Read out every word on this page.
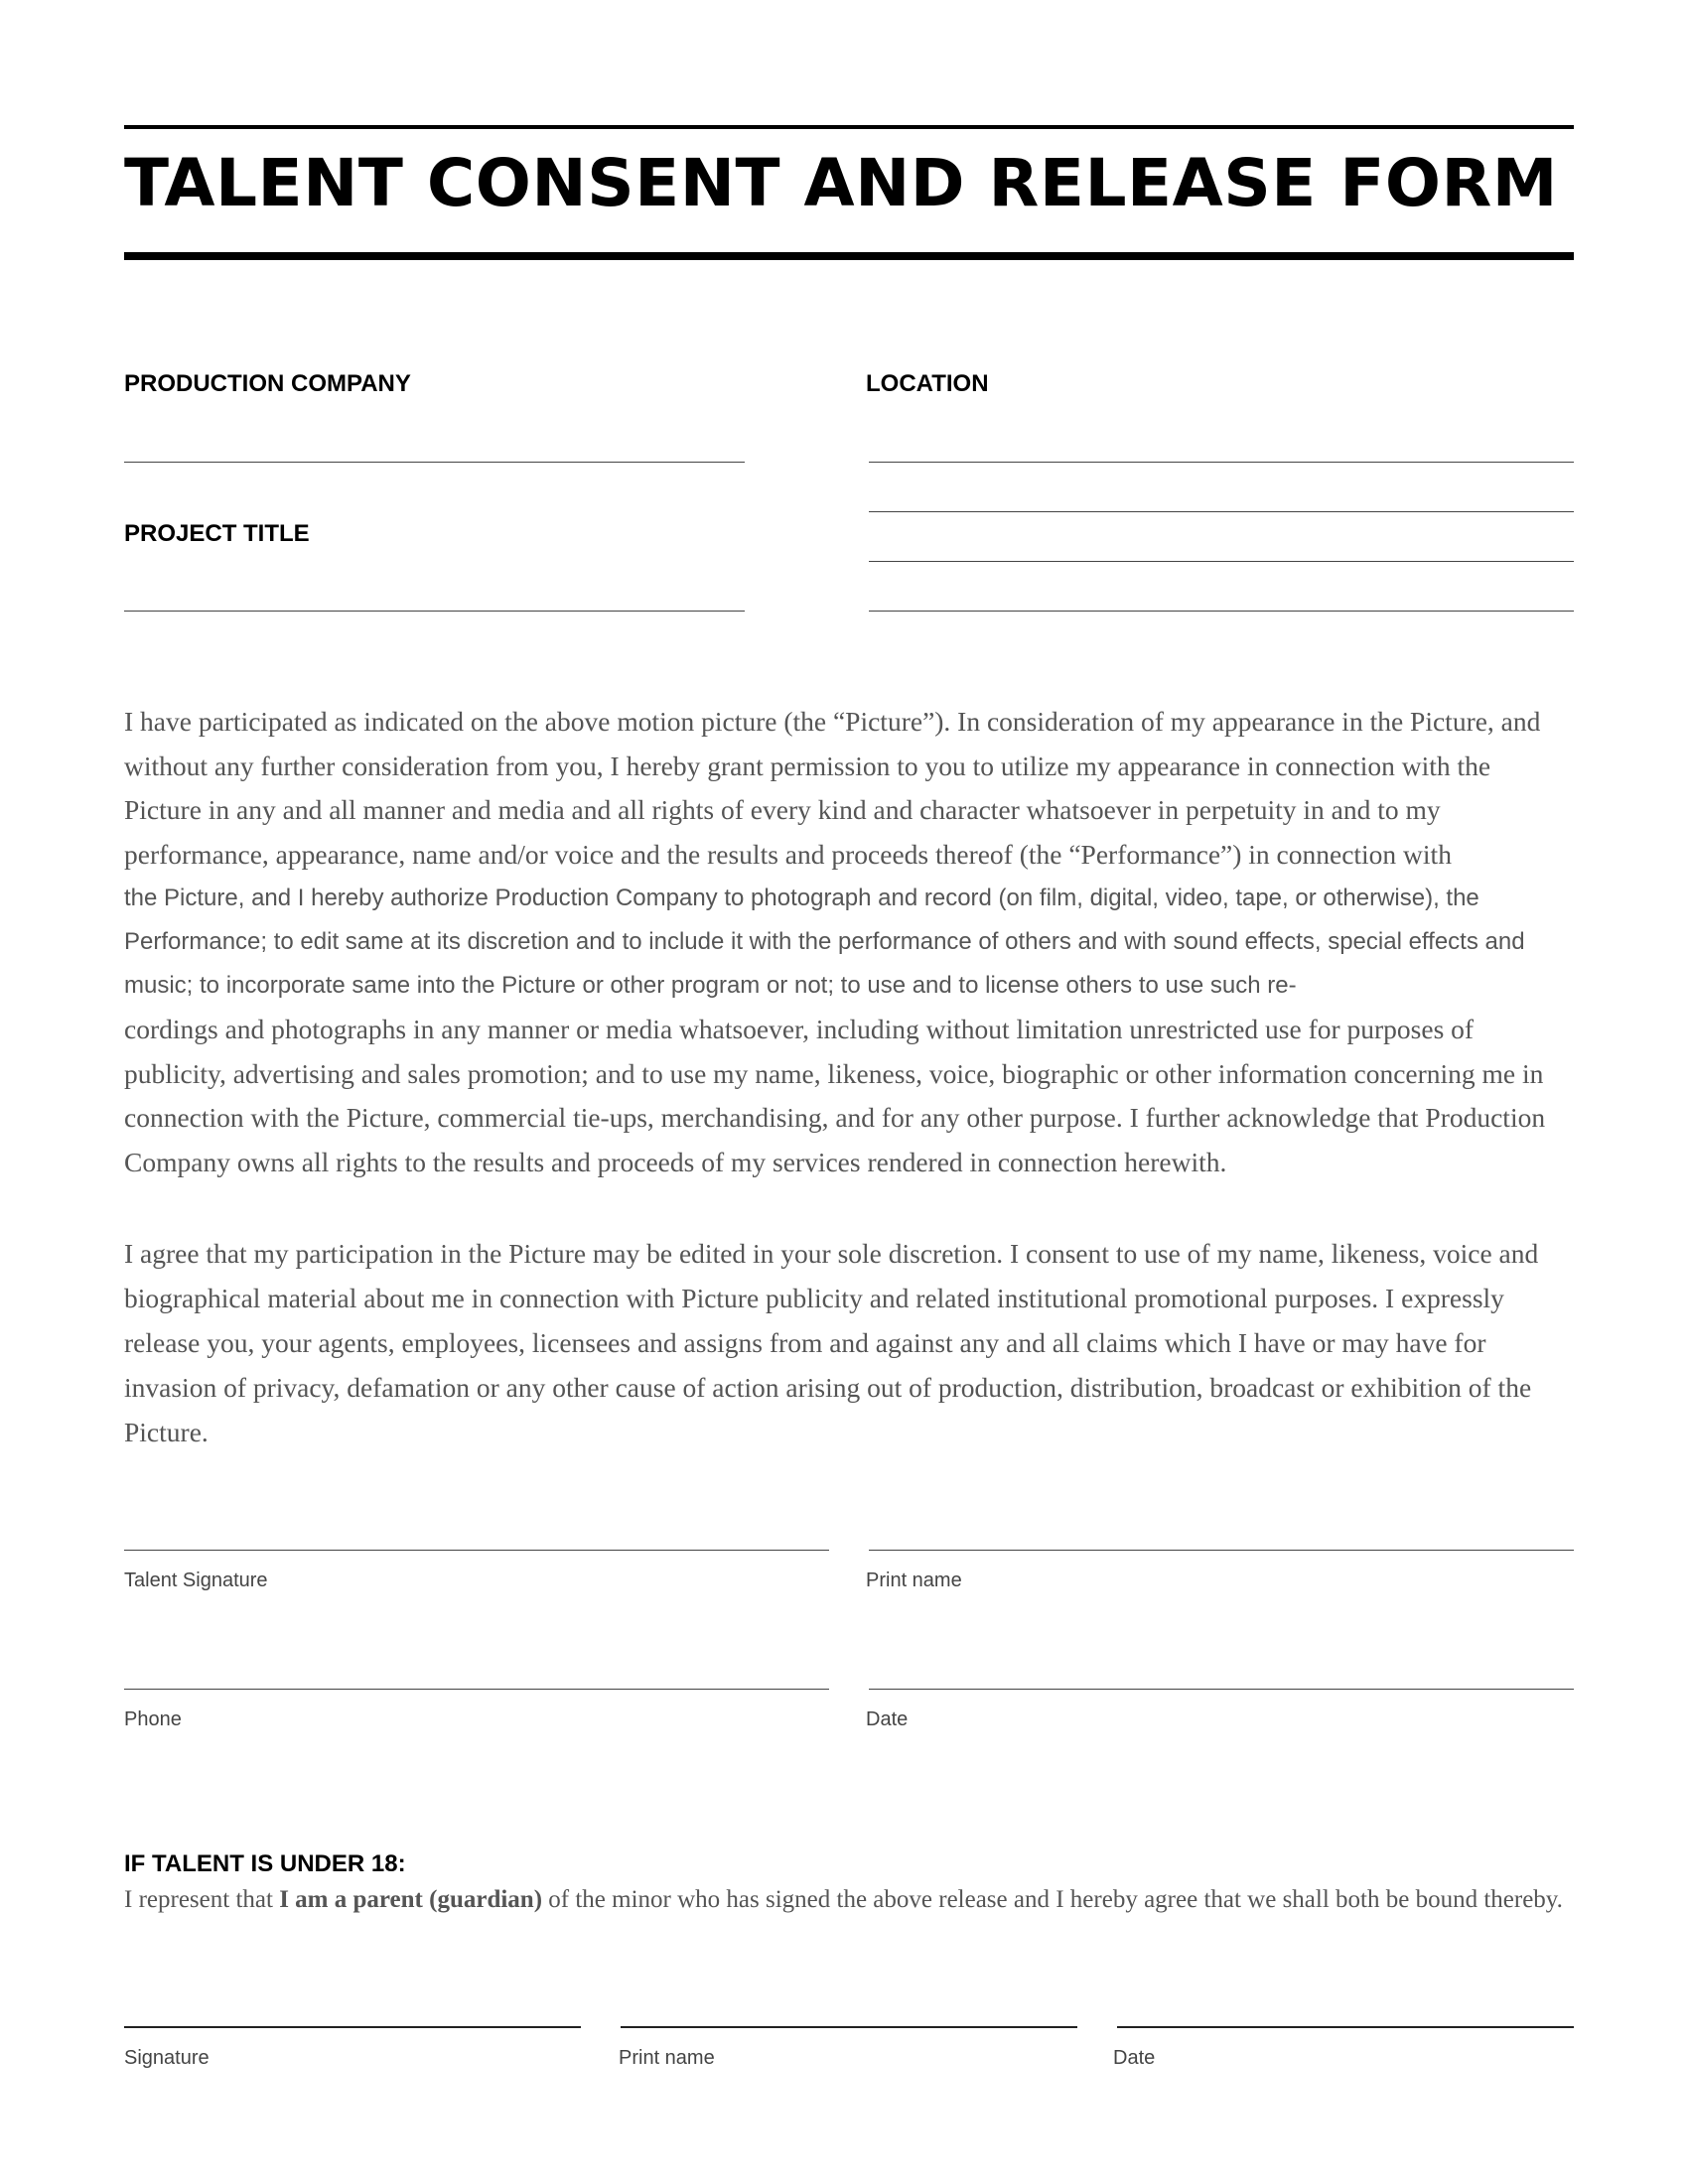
TALENT CONSENT AND RELEASE FORM
PRODUCTION COMPANY	LOCATION
PROJECT TITLE
I have participated as indicated on the above motion picture (the “Picture”). In consideration of my appearance in the Picture, and without any further consideration from you, I hereby grant permission to you to utilize my appearance in connection with the Picture in any and all manner and media and all rights of every kind and character whatsoever in perpetuity in and to my performance, appearance, name and/or voice and the results and proceeds thereof (the “Performance”) in connection with
the Picture, and I hereby authorize Production Company to photograph and record (on film, digital, video, tape, or otherwise), the Performance; to edit same at its discretion and to include it with the performance of others and with sound effects, special effects and music; to incorporate same into the Picture or other program or not; to use and to license others to use such re-
cordings and photographs in any manner or media whatsoever, including without limitation unrestricted use for purposes of publicity, advertising and sales promotion; and to use my name, likeness, voice, biographic or other information concerning me in connection with the Picture, commercial tie-ups, merchandising, and for any other purpose. I further acknowledge that Production Company owns all rights to the results and proceeds of my services rendered in connection herewith.
I agree that my participation in the Picture may be edited in your sole discretion. I consent to use of my name, likeness, voice and biographical material about me in connection with Picture publicity and related institutional promotional purposes. I expressly release you, your agents, employees, licensees and assigns from and against any and all claims which I have or may have for invasion of privacy, defamation or any other cause of action arising out of production, distribution, broadcast or exhibition of the Picture.
Talent Signature	Print name
Phone	Date
IF TALENT IS UNDER 18:
I represent that I am a parent (guardian) of the minor who has signed the above release and I hereby agree that we shall both be bound thereby.
Signature	Print name	Date
